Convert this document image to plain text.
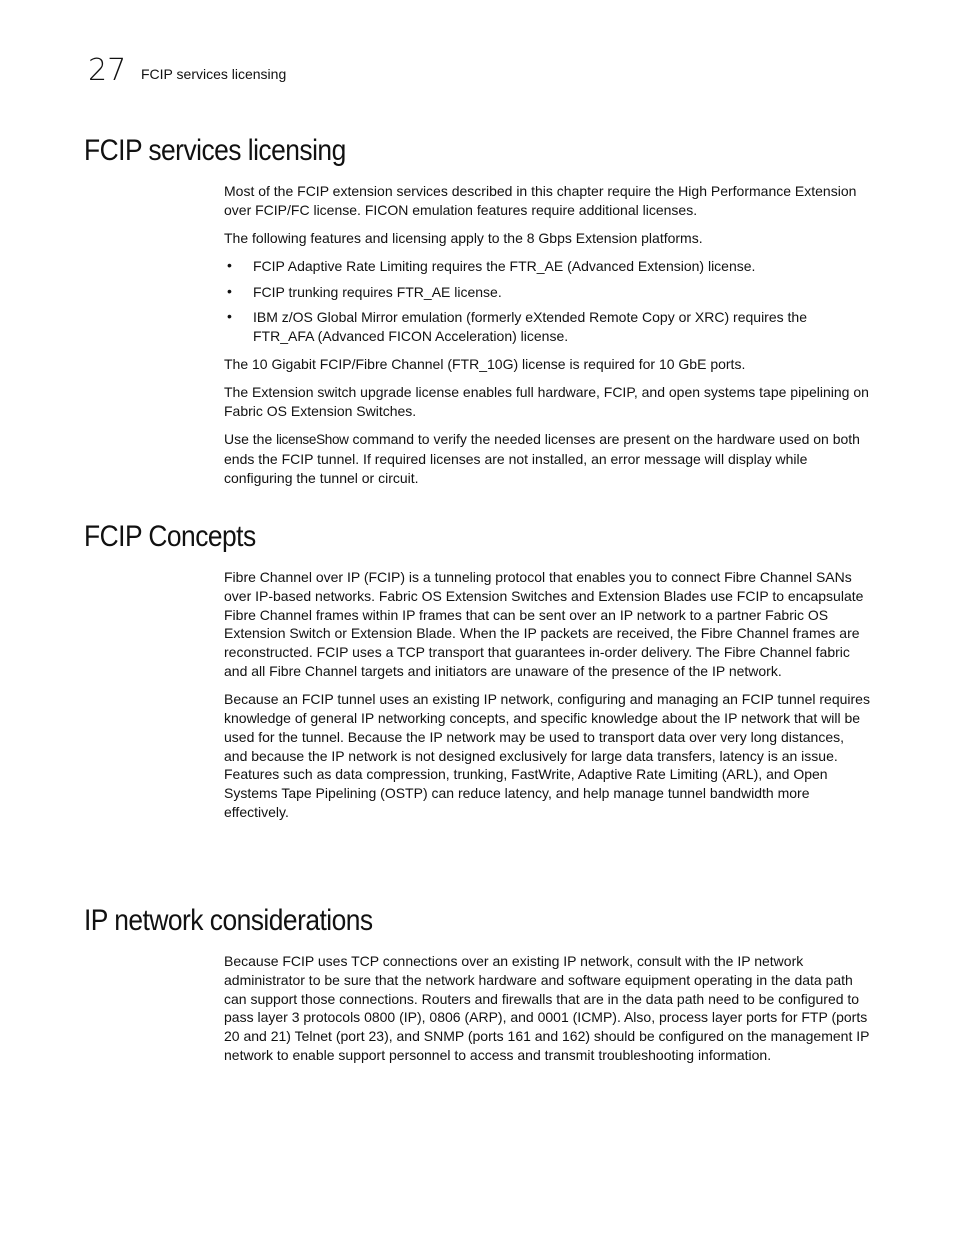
27 FCIP services licensing
FCIP services licensing

Most of the FCIP extension services described in this chapter require the High Performance Extension over FCIP/FC license. FICON emulation features require additional licenses.

The following features and licensing apply to the 8 Gbps Extension platforms.

• FCIP Adaptive Rate Limiting requires the FTR_AE (Advanced Extension) license.
• FCIP trunking requires FTR_AE license.
• IBM z/OS Global Mirror emulation (formerly eXtended Remote Copy or XRC) requires the FTR_AFA (Advanced FICON Acceleration) license.

The 10 Gigabit FCIP/Fibre Channel (FTR_10G) license is required for 10 GbE ports.

The Extension switch upgrade license enables full hardware, FCIP, and open systems tape pipelining on Fabric OS Extension Switches.

Use the licenseShow command to verify the needed licenses are present on the hardware used on both ends the FCIP tunnel. If required licenses are not installed, an error message will display while configuring the tunnel or circuit.

FCIP Concepts

Fibre Channel over IP (FCIP) is a tunneling protocol that enables you to connect Fibre Channel SANs over IP-based networks. Fabric OS Extension Switches and Extension Blades use FCIP to encapsulate Fibre Channel frames within IP frames that can be sent over an IP network to a partner Fabric OS Extension Switch or Extension Blade. When the IP packets are received, the Fibre Channel frames are reconstructed. FCIP uses a TCP transport that guarantees in-order delivery. The Fibre Channel fabric and all Fibre Channel targets and initiators are unaware of the presence of the IP network.

Because an FCIP tunnel uses an existing IP network, configuring and managing an FCIP tunnel requires knowledge of general IP networking concepts, and specific knowledge about the IP network that will be used for the tunnel. Because the IP network may be used to transport data over very long distances, and because the IP network is not designed exclusively for large data transfers, latency is an issue. Features such as data compression, trunking, FastWrite, Adaptive Rate Limiting (ARL), and Open Systems Tape Pipelining (OSTP) can reduce latency, and help manage tunnel bandwidth more effectively.

IP network considerations

Because FCIP uses TCP connections over an existing IP network, consult with the IP network administrator to be sure that the network hardware and software equipment operating in the data path can support those connections. Routers and firewalls that are in the data path need to be configured to pass layer 3 protocols 0800 (IP), 0806 (ARP), and 0001 (ICMP). Also, process layer ports for FTP (ports 20 and 21) Telnet (port 23), and SNMP (ports 161 and 162) should be configured on the management IP network to enable support personnel to access and transmit troubleshooting information.
